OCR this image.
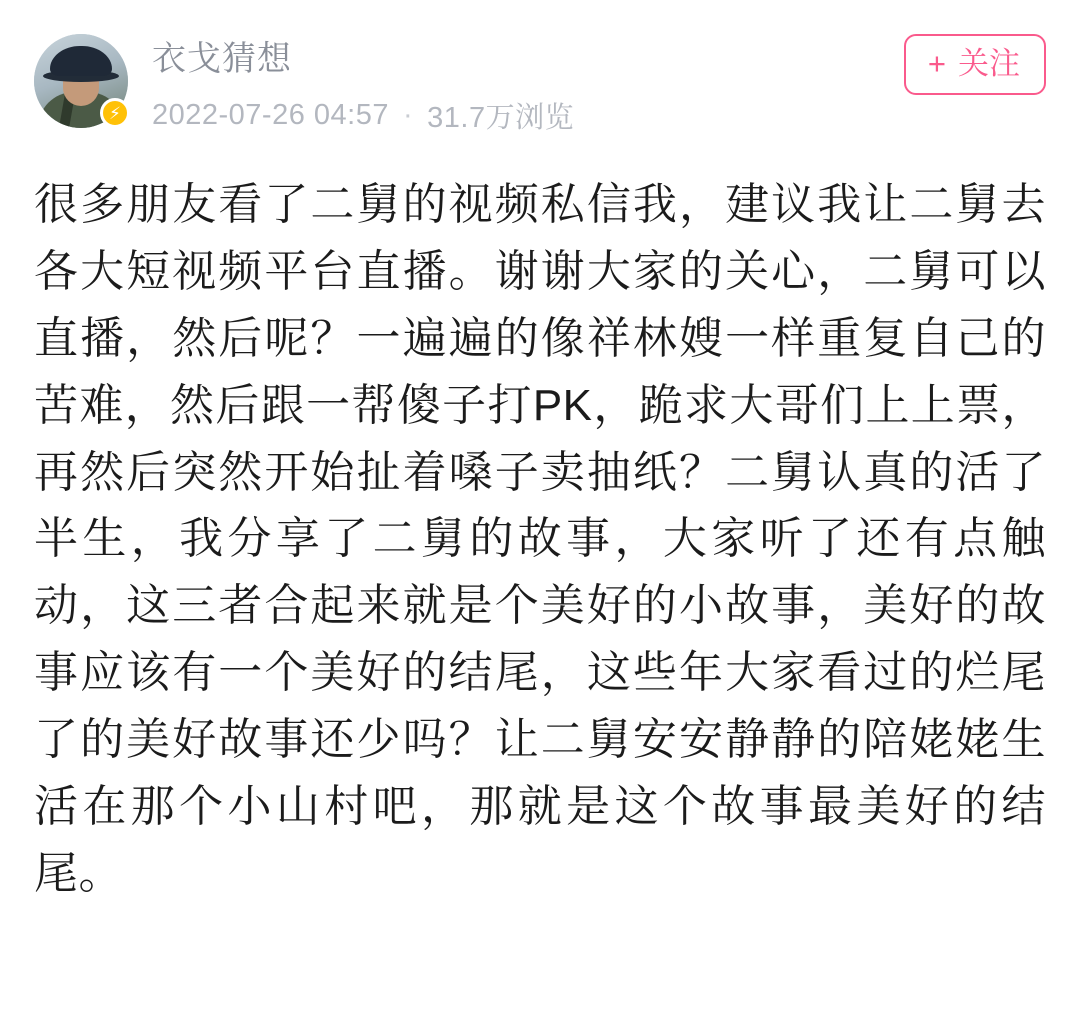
⚡
衣戈猜想
2022-07-26 04:57 · 31.7万浏览
+ 关注
很多朋友看了二舅的视频私信我，建议我让二舅去各大短视频平台直播。谢谢大家的关心，二舅可以直播，然后呢？一遍遍的像祥林嫂一样重复自己的苦难，然后跟一帮傻子打PK，跪求大哥们上上票，再然后突然开始扯着嗓子卖抽纸？二舅认真的活了半生，我分享了二舅的故事，大家听了还有点触动，这三者合起来就是个美好的小故事，美好的故事应该有一个美好的结尾，这些年大家看过的烂尾了的美好故事还少吗？让二舅安安静静的陪姥姥生活在那个小山村吧，那就是这个故事最美好的结尾。
